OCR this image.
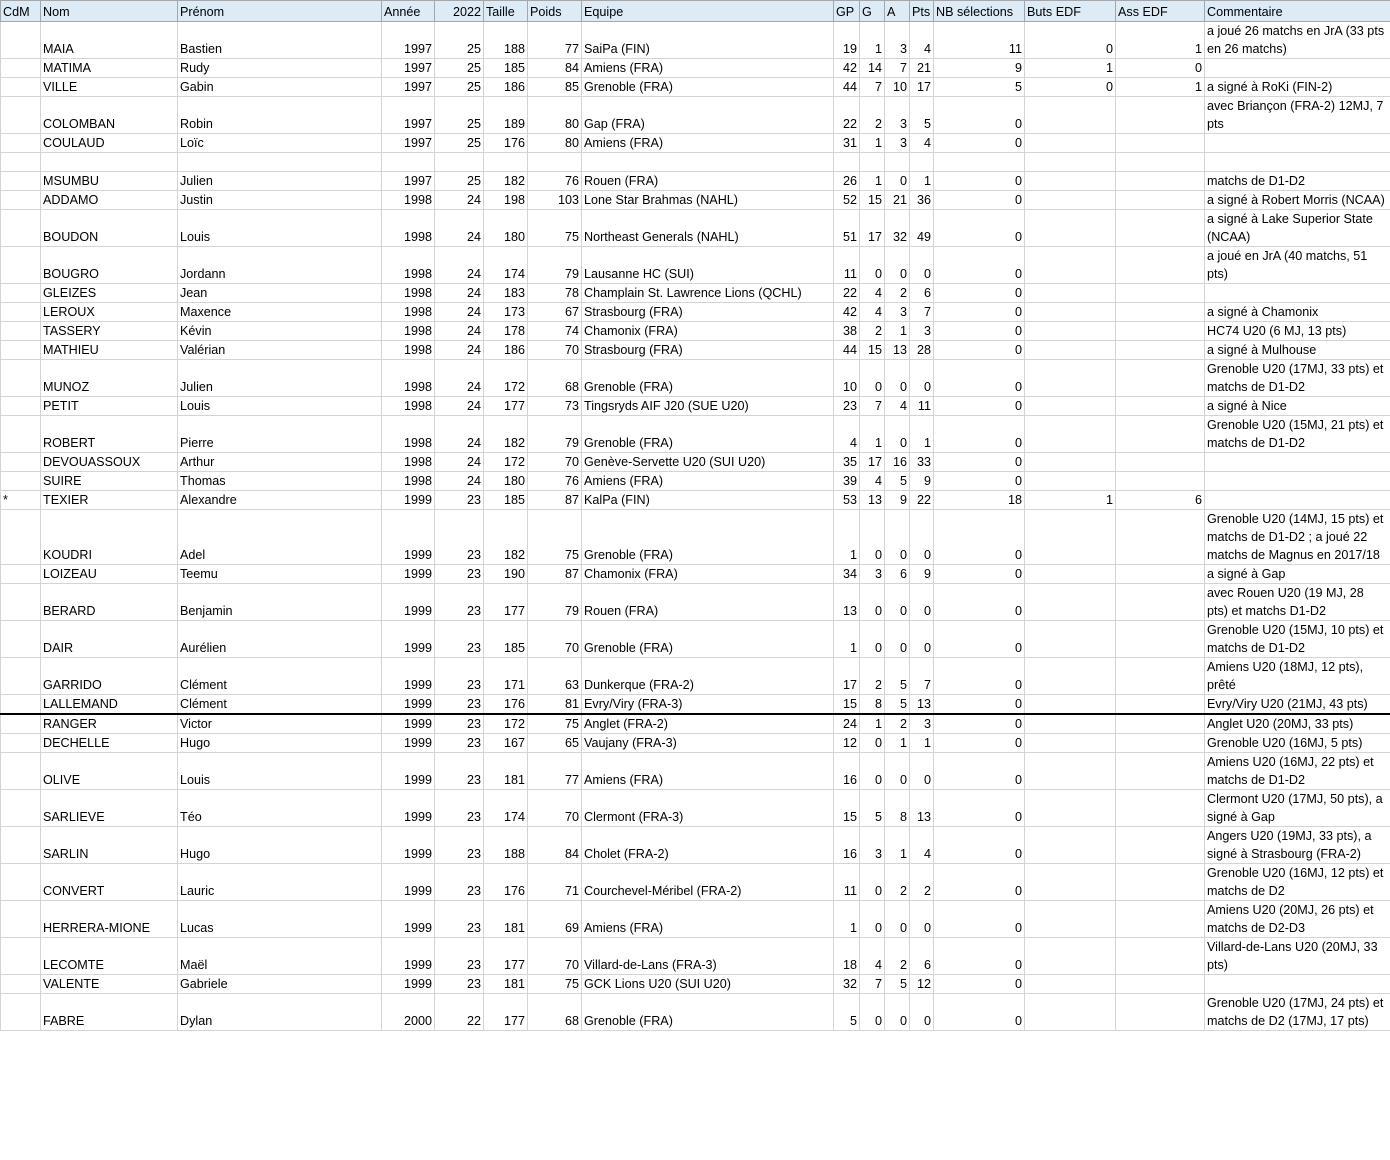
CdM	Nom	Prénom	Année	2022	Taille	Poids	Equipe	GP	G	A	Pts	NB sélections	Buts EDF	Ass EDF	Commentaire
	MAIA	Bastien	1997	25	188	77	SaiPa (FIN)	19	1	3	4	11	0	1	a joué 26 matchs en JrA (33 pts en 26 matchs)
	MATIMA	Rudy	1997	25	185	84	Amiens (FRA)	42	14	7	21	9	1	0	
	VILLE	Gabin	1997	25	186	85	Grenoble (FRA)	44	7	10	17	5	0	1	a signé à RoKi (FIN-2)
	COLOMBAN	Robin	1997	25	189	80	Gap (FRA)	22	2	3	5	0			avec Briançon (FRA-2) 12MJ, 7 pts
	COULAUD	Loïc	1997	25	176	80	Amiens (FRA)	31	1	3	4	0			

	MSUMBU	Julien	1997	25	182	76	Rouen (FRA)	26	1	0	1	0			matchs de D1-D2
	ADDAMO	Justin	1998	24	198	103	Lone Star Brahmas (NAHL)	52	15	21	36	0			a signé à Robert Morris (NCAA)
	BOUDON	Louis	1998	24	180	75	Northeast Generals (NAHL)	51	17	32	49	0			a signé à Lake Superior State (NCAA)
	BOUGRO	Jordann	1998	24	174	79	Lausanne HC (SUI)	11	0	0	0	0			a joué en JrA (40 matchs, 51 pts)
	GLEIZES	Jean	1998	24	183	78	Champlain St. Lawrence Lions (QCHL)	22	4	2	6	0			
	LEROUX	Maxence	1998	24	173	67	Strasbourg (FRA)	42	4	3	7	0			a signé à Chamonix
	TASSERY	Kévin	1998	24	178	74	Chamonix (FRA)	38	2	1	3	0			HC74 U20 (6 MJ, 13 pts)
	MATHIEU	Valérian	1998	24	186	70	Strasbourg (FRA)	44	15	13	28	0			a signé à Mulhouse
	MUNOZ	Julien	1998	24	172	68	Grenoble (FRA)	10	0	0	0	0			Grenoble U20 (17MJ, 33 pts) et matchs de D1-D2
	PETIT	Louis	1998	24	177	73	Tingsryds AIF J20 (SUE U20)	23	7	4	11	0			a signé à Nice
	ROBERT	Pierre	1998	24	182	79	Grenoble (FRA)	4	1	0	1	0			Grenoble U20 (15MJ, 21 pts) et matchs de D1-D2
	DEVOUASSOUX	Arthur	1998	24	172	70	Genève-Servette U20 (SUI U20)	35	17	16	33	0			
	SUIRE	Thomas	1998	24	180	76	Amiens (FRA)	39	4	5	9	0			
*	TEXIER	Alexandre	1999	23	185	87	KalPa (FIN)	53	13	9	22	18	1	6	
	KOUDRI	Adel	1999	23	182	75	Grenoble (FRA)	1	0	0	0	0			Grenoble U20 (14MJ, 15 pts) et matchs de D1-D2 ; a joué 22 matchs de Magnus en 2017/18
	LOIZEAU	Teemu	1999	23	190	87	Chamonix (FRA)	34	3	6	9	0			a signé à Gap
	BERARD	Benjamin	1999	23	177	79	Rouen (FRA)	13	0	0	0	0			avec Rouen U20 (19 MJ, 28 pts) et matchs D1-D2
	DAIR	Aurélien	1999	23	185	70	Grenoble (FRA)	1	0	0	0	0			Grenoble U20 (15MJ, 10 pts) et matchs de D1-D2
	GARRIDO	Clément	1999	23	171	63	Dunkerque (FRA-2)	17	2	5	7	0			Amiens U20 (18MJ, 12 pts), prêté
	LALLEMAND	Clément	1999	23	176	81	Evry/Viry (FRA-3)	15	8	5	13	0			Evry/Viry U20 (21MJ, 43 pts)
	RANGER	Victor	1999	23	172	75	Anglet (FRA-2)	24	1	2	3	0			Anglet U20 (20MJ, 33 pts)
	DECHELLE	Hugo	1999	23	167	65	Vaujany (FRA-3)	12	0	1	1	0			Grenoble U20 (16MJ, 5 pts)
	OLIVE	Louis	1999	23	181	77	Amiens (FRA)	16	0	0	0	0			Amiens U20 (16MJ, 22 pts) et matchs de D1-D2
	SARLIEVE	Téo	1999	23	174	70	Clermont (FRA-3)	15	5	8	13	0			Clermont U20 (17MJ, 50 pts), a signé à Gap
	SARLIN	Hugo	1999	23	188	84	Cholet (FRA-2)	16	3	1	4	0			Angers U20 (19MJ, 33 pts), a signé à Strasbourg (FRA-2)
	CONVERT	Lauric	1999	23	176	71	Courchevel-Méribel (FRA-2)	11	0	2	2	0			Grenoble U20 (16MJ, 12 pts) et matchs de D2
	HERRERA-MIONE	Lucas	1999	23	181	69	Amiens (FRA)	1	0	0	0	0			Amiens U20 (20MJ, 26 pts) et matchs de D2-D3
	LECOMTE	Maël	1999	23	177	70	Villard-de-Lans (FRA-3)	18	4	2	6	0			Villard-de-Lans U20 (20MJ, 33 pts)
	VALENTE	Gabriele	1999	23	181	75	GCK Lions U20 (SUI U20)	32	7	5	12	0			
	FABRE	Dylan	2000	22	177	68	Grenoble (FRA)	5	0	0	0	0			Grenoble U20 (17MJ, 24 pts) et matchs de D2 (17MJ, 17 pts)
